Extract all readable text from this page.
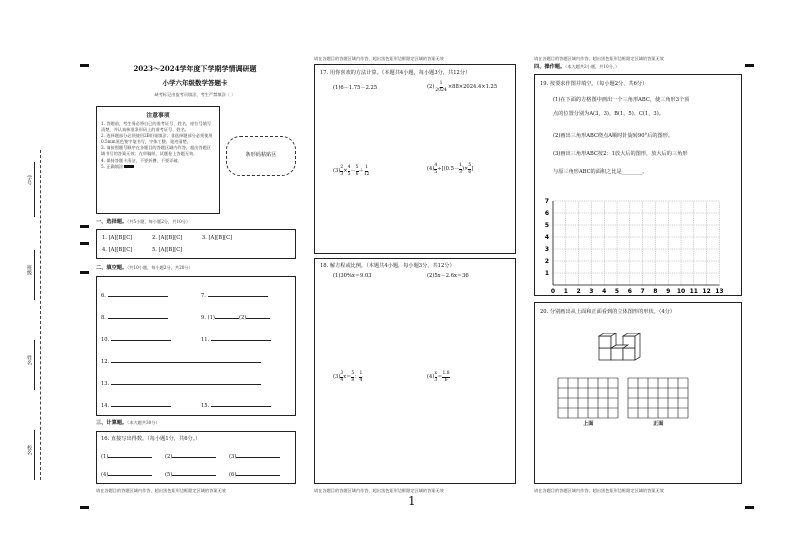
学号
班级
姓名
校名
2023～2024学年度下学期学情调研题
小学六年级数学答题卡
缺考标记由监考员填涂，考生严禁填涂〔 〕
注意事项
1. 答题前，考生务必将自己的准考证号、姓名、座位号填写清楚，并认真核准条形码上的准考证号、姓名。
2. 选择题部分必须使用2B铅笔填涂；非选择题部分必须使用0.5mm黑色签字笔书写，字体工整、笔迹清楚。
3. 请按照题号顺序在各题目的答题区域内作答，超出答题区域书写的答案无效；在草稿纸、试题卷上答题无效。
4. 保持答题卡清洁，不要折叠、不要弄破。
5. 正确填涂
条形码粘贴区
一、选择题。（共5小题，每小题2分，共10分）
1. [A][B][C]	2. [A][B][C]	3. [A][B][C]
4. [A][B][C]	5. [A][B][C]
二、填空题。（共10小题，每小题2分，共20分）
6.	7.
8.	9. (1)	(2)
10.	11.
12.
13.
14.	15.
三、计算题。（本大题共30分）
16. 直接写出得数。（每小题1分，共6分。）
(1)	(2)	(3)
(4)	(5)	(6)
请在各题目的答题区域内作答，超出黑色矩形边框限定区域的答案无效
请在各题目的答题区域内作答，超出黑色矩形边框限定区域的答案无效
17. 用你喜欢的方法计算。（本题共4小题，每小题3分，共12分）
(1)6－1.75－2.25	$(2) \frac{1}{2024} \times 88\times 2024.4\times 1.25$
$(3) \frac{2}{3} \times \frac{4}{5}$ －
5
6
＋
1
12
$(4) \frac{4}{5} \div[(0.5-$
1
3
)× $\frac{5}{6}$ ]
18. 解方程或比例。（本题共4小题，每小题3分，共12分）
(1)30%x＝9.03	(2)5x－2.6x＝36
(3)
3
4
x＝
5
8
：
1
4
(4)
x
3
＝
1.8
6
请在各题目的答题区域内作答，超出黑色矩形边框限定区域的答案无效
1
请在各题目的答题区域内作答，超出黑色矩形边框限定区域的答案无效
四、操作题。（本大题共2小题，共10分。）
19. 按要求作图并填空。（每小题2分，共6分）
(1)在下面的方格图中画出一个三角形ABC，使三角形3个顶
点的位置分别为A(3，3)、B(1，5)、C(1，3)。
(2)画出三角形ABC绕点A顺时针旋转90°后的图形。
(3)画出三角形ABC按2：1放大后的图形，放大后的三角形
与原三角形ABC的面积之比是________。
0 1 2 3 4 5 6 7 8 9 10 11 12 13
7
6
5
4
3
2
1
20. 分别画出从上面和正面看到的立体图形的形状。（4分）
上面	正面
请在各题目的答题区域内作答，超出黑色矩形边框限定区域的答案无效
